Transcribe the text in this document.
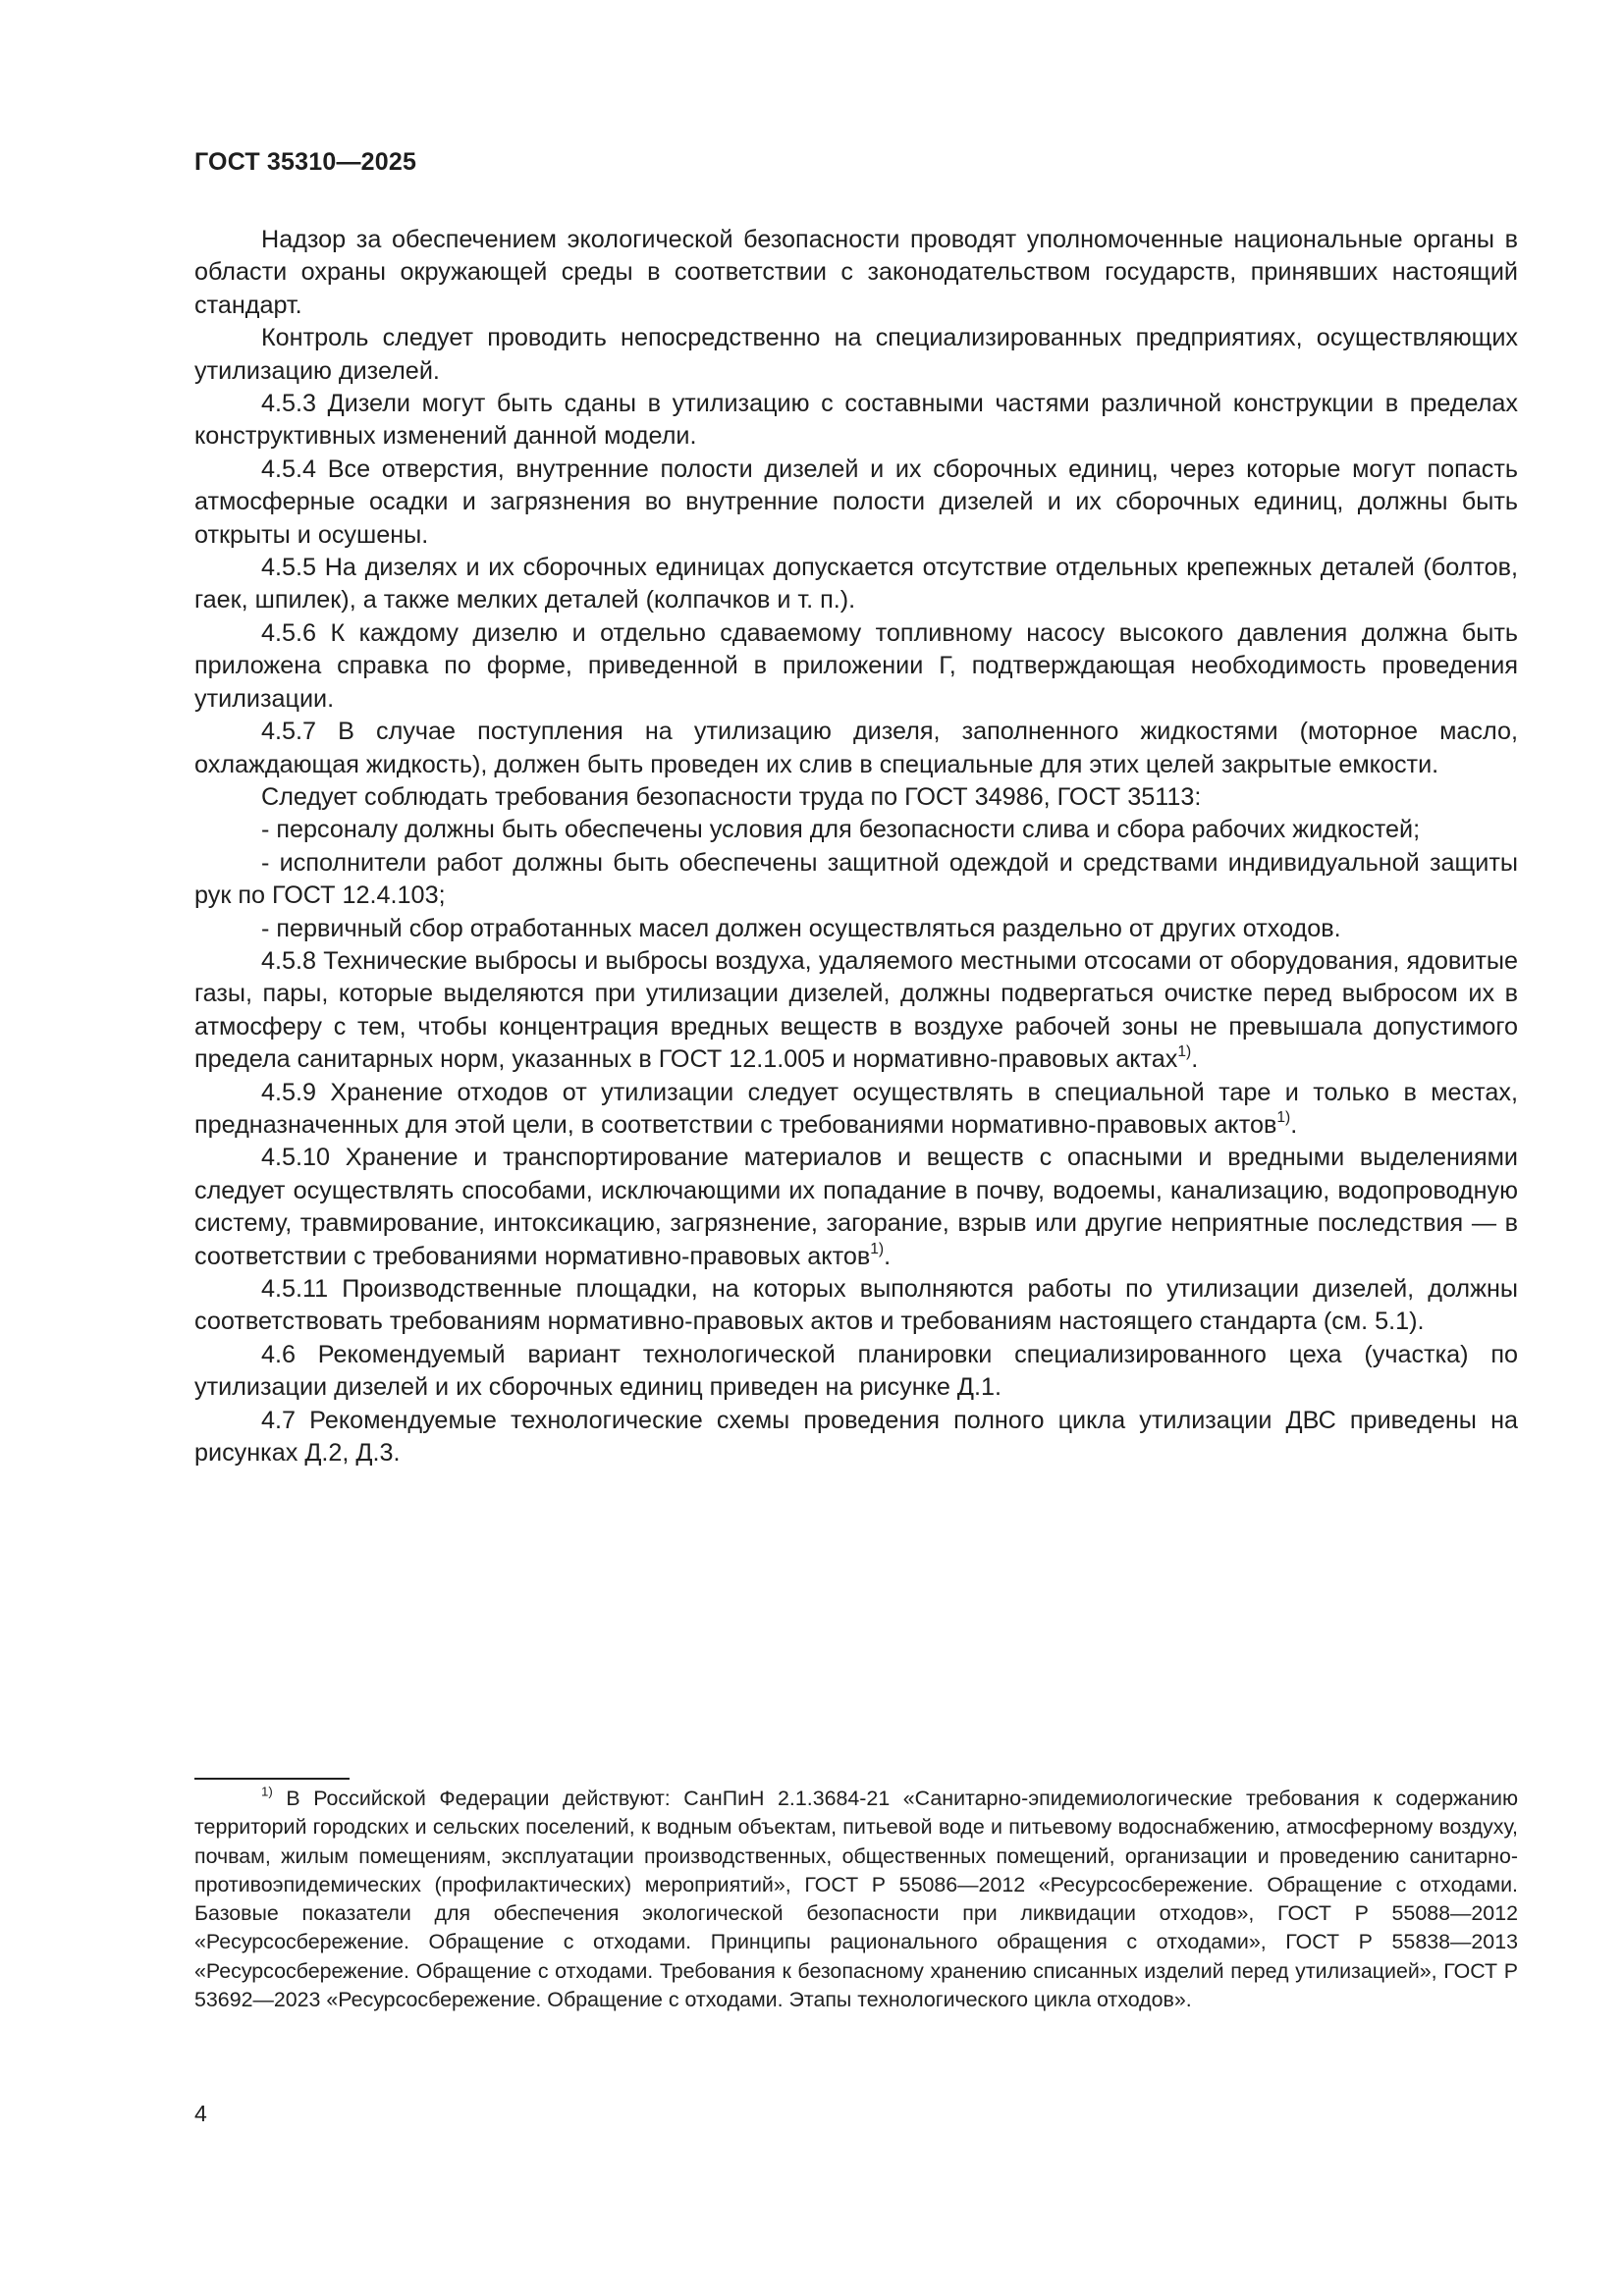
ГОСТ 35310—2025

Надзор за обеспечением экологической безопасности проводят уполномоченные национальные органы в области охраны окружающей среды в соответствии с законодательством государств, принявших настоящий стандарт.

Контроль следует проводить непосредственно на специализированных предприятиях, осуществляющих утилизацию дизелей.

4.5.3 Дизели могут быть сданы в утилизацию с составными частями различной конструкции в пределах конструктивных изменений данной модели.

4.5.4 Все отверстия, внутренние полости дизелей и их сборочных единиц, через которые могут попасть атмосферные осадки и загрязнения во внутренние полости дизелей и их сборочных единиц, должны быть открыты и осушены.

4.5.5 На дизелях и их сборочных единицах допускается отсутствие отдельных крепежных деталей (болтов, гаек, шпилек), а также мелких деталей (колпачков и т. п.).

4.5.6 К каждому дизелю и отдельно сдаваемому топливному насосу высокого давления должна быть приложена справка по форме, приведенной в приложении Г, подтверждающая необходимость проведения утилизации.

4.5.7 В случае поступления на утилизацию дизеля, заполненного жидкостями (моторное масло, охлаждающая жидкость), должен быть проведен их слив в специальные для этих целей закрытые емкости.

Следует соблюдать требования безопасности труда по ГОСТ 34986, ГОСТ 35113:

- персоналу должны быть обеспечены условия для безопасности слива и сбора рабочих жидкостей;

- исполнители работ должны быть обеспечены защитной одеждой и средствами индивидуальной защиты рук по ГОСТ 12.4.103;

- первичный сбор отработанных масел должен осуществляться раздельно от других отходов.

4.5.8 Технические выбросы и выбросы воздуха, удаляемого местными отсосами от оборудования, ядовитые газы, пары, которые выделяются при утилизации дизелей, должны подвергаться очистке перед выбросом их в атмосферу с тем, чтобы концентрация вредных веществ в воздухе рабочей зоны не превышала допустимого предела санитарных норм, указанных в ГОСТ 12.1.005 и нормативно-правовых актах$^{1)}$.

4.5.9 Хранение отходов от утилизации следует осуществлять в специальной таре и только в местах, предназначенных для этой цели, в соответствии с требованиями нормативно-правовых актов$^{1)}$.

4.5.10 Хранение и транспортирование материалов и веществ с опасными и вредными выделениями следует осуществлять способами, исключающими их попадание в почву, водоемы, канализацию, водопроводную систему, травмирование, интоксикацию, загрязнение, загорание, взрыв или другие неприятные последствия — в соответствии с требованиями нормативно-правовых актов$^{1)}$.

4.5.11 Производственные площадки, на которых выполняются работы по утилизации дизелей, должны соответствовать требованиям нормативно-правовых актов и требованиям настоящего стандарта (см. 5.1).

4.6 Рекомендуемый вариант технологической планировки специализированного цеха (участка) по утилизации дизелей и их сборочных единиц приведен на рисунке Д.1.

4.7 Рекомендуемые технологические схемы проведения полного цикла утилизации ДВС приведены на рисунках Д.2, Д.3.

$^{1)}$ В Российской Федерации действуют: СанПиН 2.1.3684-21 «Санитарно-эпидемиологические требования к содержанию территорий городских и сельских поселений, к водным объектам, питьевой воде и питьевому водоснабжению, атмосферному воздуху, почвам, жилым помещениям, эксплуатации производственных, общественных помещений, организации и проведению санитарно-противоэпидемических (профилактических) мероприятий», ГОСТ Р 55086—2012 «Ресурсосбережение. Обращение с отходами. Базовые показатели для обеспечения экологической безопасности при ликвидации отходов», ГОСТ Р 55088—2012 «Ресурсосбережение. Обращение с отходами. Принципы рационального обращения с отходами», ГОСТ Р 55838—2013 «Ресурсосбережение. Обращение с отходами. Требования к безопасному хранению списанных изделий перед утилизацией», ГОСТ Р 53692—2023 «Ресурсосбережение. Обращение с отходами. Этапы технологического цикла отходов».
4
